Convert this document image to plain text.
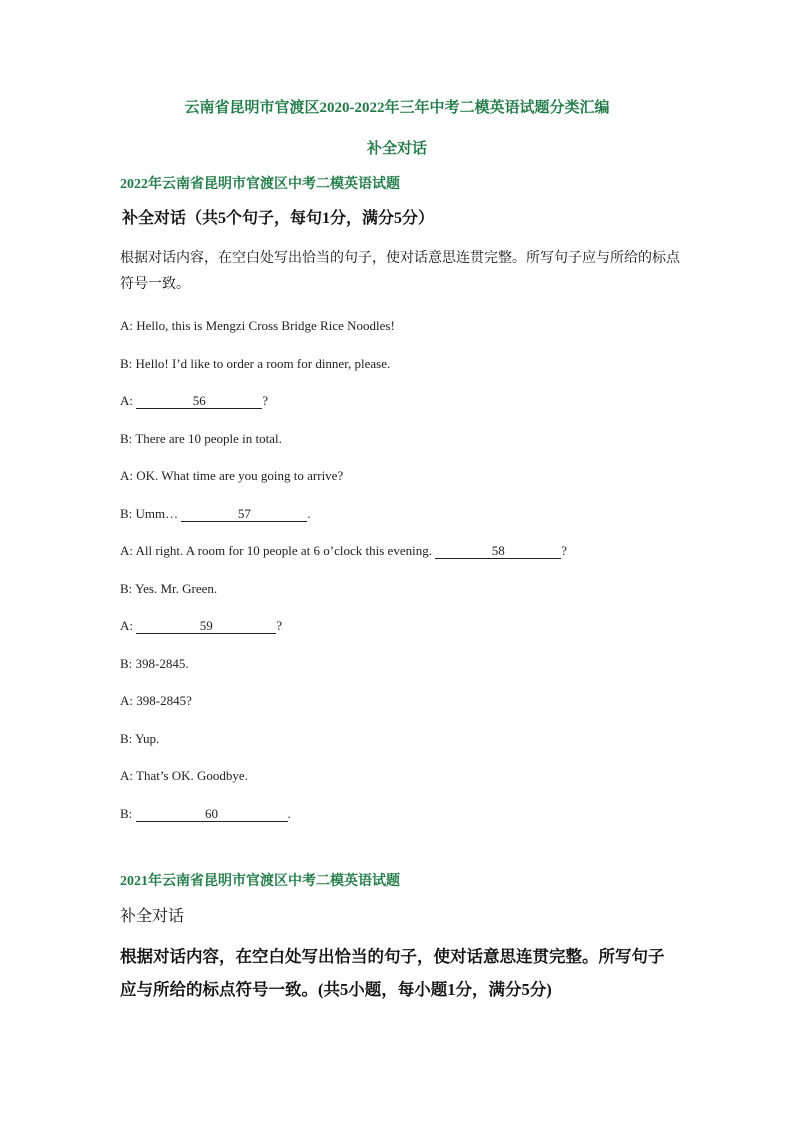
云南省昆明市官渡区2020-2022年三年中考二模英语试题分类汇编
补全对话
2022年云南省昆明市官渡区中考二模英语试题
补全对话（共5个句子，每句1分，满分5分）
根据对话内容，在空白处写出恰当的句子，使对话意思连贯完整。所写句子应与所给的标点符号一致。
A: Hello, this is Mengzi Cross Bridge Rice Noodles!
B: Hello! I’d like to order a room for dinner, please.
A:	56	?
B: There are 10 people in total.
A: OK. What time are you going to arrive?
B: Umm…	57	.
A: All right. A room for 10 people at 6 o’clock this evening.	58	?
B: Yes. Mr. Green.
A:	59	?
B: 398-2845.
A: 398-2845?
B: Yup.
A: That’s OK. Goodbye.
B:	60	.
2021年云南省昆明市官渡区中考二模英语试题
补全对话
根据对话内容，在空白处写出恰当的句子，使对话意思连贯完整。所写句子应与所给的标点符号一致。(共5小题，每小题1分，满分5分)
